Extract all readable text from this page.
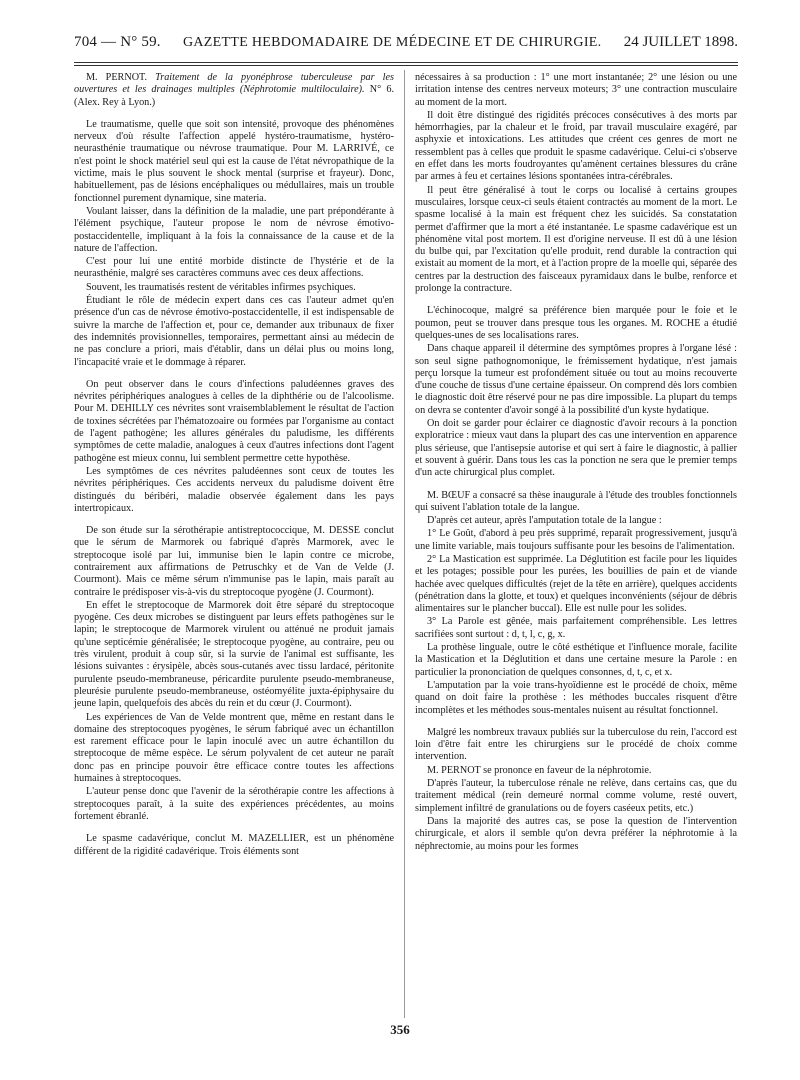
704 — N° 59. GAZETTE HEBDOMADAIRE DE MÉDECINE ET DE CHIRURGIE. 24 JUILLET 1898.

M. PERNOT. Traitement de la pyonéphrose tuberculeuse par les ouvertures et les drainages multiples (Néphrotomie multiloculaire). N° 6. (Alex. Rey à Lyon.)

Le traumatisme, quelle que soit son intensité, provoque des phénomènes nerveux d'où résulte l'affection appelé hystéro-traumatisme, hystéro-neurasthénie traumatique ou névrose traumatique. Pour M. LARRIVÉ, ce n'est point le shock matériel seul qui est la cause de l'état névropathique de la victime, mais le plus souvent le shock mental (surprise et frayeur). Donc, habituellement, pas de lésions encéphaliques ou médullaires, mais un trouble fonctionnel purement dynamique, sine materia.

Voulant laisser, dans la définition de la maladie, une part prépondérante à l'élément psychique, l'auteur propose le nom de névrose émotivo-postaccidentelle, impliquant à la fois la connaissance de la cause et de la nature de l'affection.

C'est pour lui une entité morbide distincte de l'hystérie et de la neurasthénie, malgré ses caractères communs avec ces deux affections.

Souvent, les traumatisés restent de véritables infirmes psychiques.

Étudiant le rôle de médecin expert dans ces cas l'auteur admet qu'en présence d'un cas de névrose émotivo-postaccidentelle, il est indispensable de suivre la marche de l'affection et, pour ce, demander aux tribunaux de fixer des indemnités provisionnelles, temporaires, permettant ainsi au médecin de ne pas conclure a priori, mais d'établir, dans un délai plus ou moins long, l'incapacité vraie et le dommage à réparer.

On peut observer dans le cours d'infections paludéennes graves des névrites périphériques analogues à celles de la diphthérie ou de l'alcoolisme. Pour M. DEHILLY ces névrites sont vraisemblablement le résultat de l'action de toxines sécrétées par l'hématozoaire ou formées par l'organisme au contact de l'agent pathogène; les allures générales du paludisme, les différents symptômes de cette maladie, analogues à ceux d'autres infections dont l'agent pathogène est mieux connu, lui semblent permettre cette hypothèse.

Les symptômes de ces névrites paludéennes sont ceux de toutes les névrites périphériques. Ces accidents nerveux du paludisme doivent être distingués du béribéri, maladie observée également dans les pays intertropicaux.

De son étude sur la sérothérapie antistreptococcique, M. DESSE conclut que le sérum de Marmorek ou fabriqué d'après Marmorek, avec le streptocoque isolé par lui, immunise bien le lapin contre ce microbe, contrairement aux affirmations de Petruschky et de Van de Velde (J. Courmont). Mais ce même sérum n'immunise pas le lapin, mais paraît au contraire le prédisposer vis-à-vis du streptocoque pyogène (J. Courmont).

En effet le streptocoque de Marmorek doit être séparé du streptocoque pyogène. Ces deux microbes se distinguent par leurs effets pathogènes sur le lapin; le streptocoque de Marmorek virulent ou atténué ne produit jamais qu'une septicémie généralisée; le streptocoque pyogène, au contraire, peu ou très virulent, produit à coup sûr, si la survie de l'animal est suffisante, les lésions suivantes : érysipèle, abcès sous-cutanés avec tissu lardacé, péritonite purulente pseudo-membraneuse, péricardite purulente pseudo-membraneuse, pleurésie purulente pseudo-membraneuse, ostéomyélite juxta-épiphysaire du jeune lapin, quelquefois des abcès du rein et du cœur (J. Courmont).

Les expériences de Van de Velde montrent que, même en restant dans le domaine des streptocoques pyogènes, le sérum fabriqué avec un échantillon est rarement efficace pour le lapin inoculé avec un autre échantillon du streptocoque de même espèce. Le sérum polyvalent de cet auteur ne paraît donc pas en principe pouvoir être efficace contre toutes les affections humaines à streptocoques.

L'auteur pense donc que l'avenir de la sérothérapie contre les affections à streptocoques paraît, à la suite des expériences précédentes, au moins fortement ébranlé.

Le spasme cadavérique, conclut M. MAZELLIER, est un phénomène différent de la rigidité cadavérique. Trois éléments sont

nécessaires à sa production : 1° une mort instantanée; 2° une lésion ou une irritation intense des centres nerveux moteurs; 3° une contraction musculaire au moment de la mort.

Il doit être distingué des rigidités précoces consécutives à des morts par hémorrhagies, par la chaleur et le froid, par travail musculaire exagéré, par asphyxie et intoxications. Les attitudes que créent ces genres de mort ne ressemblent pas à celles que produit le spasme cadavérique. Celui-ci s'observe en effet dans les morts foudroyantes qu'amènent certaines blessures du crâne par armes à feu et certaines lésions spontanées intra-cérébrales.

Il peut être généralisé à tout le corps ou localisé à certains groupes musculaires, lorsque ceux-ci seuls étaient contractés au moment de la mort. Le spasme localisé à la main est fréquent chez les suicidés. Sa constatation permet d'affirmer que la mort a été instantanée. Le spasme cadavérique est un phénomène vital post mortem. Il est d'origine nerveuse. Il est dû à une lésion du bulbe qui, par l'excitation qu'elle produit, rend durable la contraction qui existait au moment de la mort, et à l'action propre de la moelle qui, séparée des centres par la destruction des faisceaux pyramidaux dans le bulbe, renforce et prolonge la contracture.

L'échinocoque, malgré sa préférence bien marquée pour le foie et le poumon, peut se trouver dans presque tous les organes. M. ROCHE a étudié quelques-unes de ses localisations rares.

Dans chaque appareil il détermine des symptômes propres à l'organe lésé : son seul signe pathognomonique, le frémissement hydatique, n'est jamais perçu lorsque la tumeur est profondément située ou tout au moins recouverte d'une couche de tissus d'une certaine épaisseur. On comprend dès lors combien le diagnostic doit être réservé pour ne pas dire impossible. La plupart du temps on devra se contenter d'avoir songé à la possibilité d'un kyste hydatique.

On doit se garder pour éclairer ce diagnostic d'avoir recours à la ponction exploratrice : mieux vaut dans la plupart des cas une intervention en apparence plus sérieuse, que l'antisepsie autorise et qui sert à faire le diagnostic, à pallier et souvent à guérir. Dans tous les cas la ponction ne sera que le premier temps d'un acte chirurgical plus complet.

M. BŒUF a consacré sa thèse inaugurale à l'étude des troubles fonctionnels qui suivent l'ablation totale de la langue.

D'après cet auteur, après l'amputation totale de la langue :

1° Le Goût, d'abord à peu près supprimé, reparaît progressivement, jusqu'à une limite variable, mais toujours suffisante pour les besoins de l'alimentation.

2° La Mastication est supprimée. La Déglutition est facile pour les liquides et les potages; possible pour les purées, les bouillies de pain et de viande hachée avec quelques difficultés (rejet de la tête en arrière), quelques accidents (pénétration dans la glotte, et toux) et quelques inconvénients (séjour de débris alimentaires sur le plancher buccal). Elle est nulle pour les solides.

3° La Parole est gênée, mais parfaitement compréhensible. Les lettres sacrifiées sont surtout : d, t, l, c, g, x.

La prothèse linguale, outre le côté esthétique et l'influence morale, facilite la Mastication et la Déglutition et dans une certaine mesure la Parole : en particulier la prononciation de quelques consonnes, d, t, c, et x.

L'amputation par la voie trans-hyoïdienne est le procédé de choix, même quand on doit faire la prothèse : les méthodes buccales risquent d'être incomplètes et les méthodes sous-mentales nuisent au résultat fonctionnel.

Malgré les nombreux travaux publiés sur la tuberculose du rein, l'accord est loin d'être fait entre les chirurgiens sur le procédé de choix comme intervention.

M. PERNOT se prononce en faveur de la néphrotomie.

D'après l'auteur, la tuberculose rénale ne relève, dans certains cas, que du traitement médical (rein demeuré normal comme volume, resté ouvert, simplement infiltré de granulations ou de foyers caséeux petits, etc.)

Dans la majorité des autres cas, se pose la question de l'intervention chirurgicale, et alors il semble qu'on devra préférer la néphrotomie à la néphrectomie, au moins pour les formes

356
